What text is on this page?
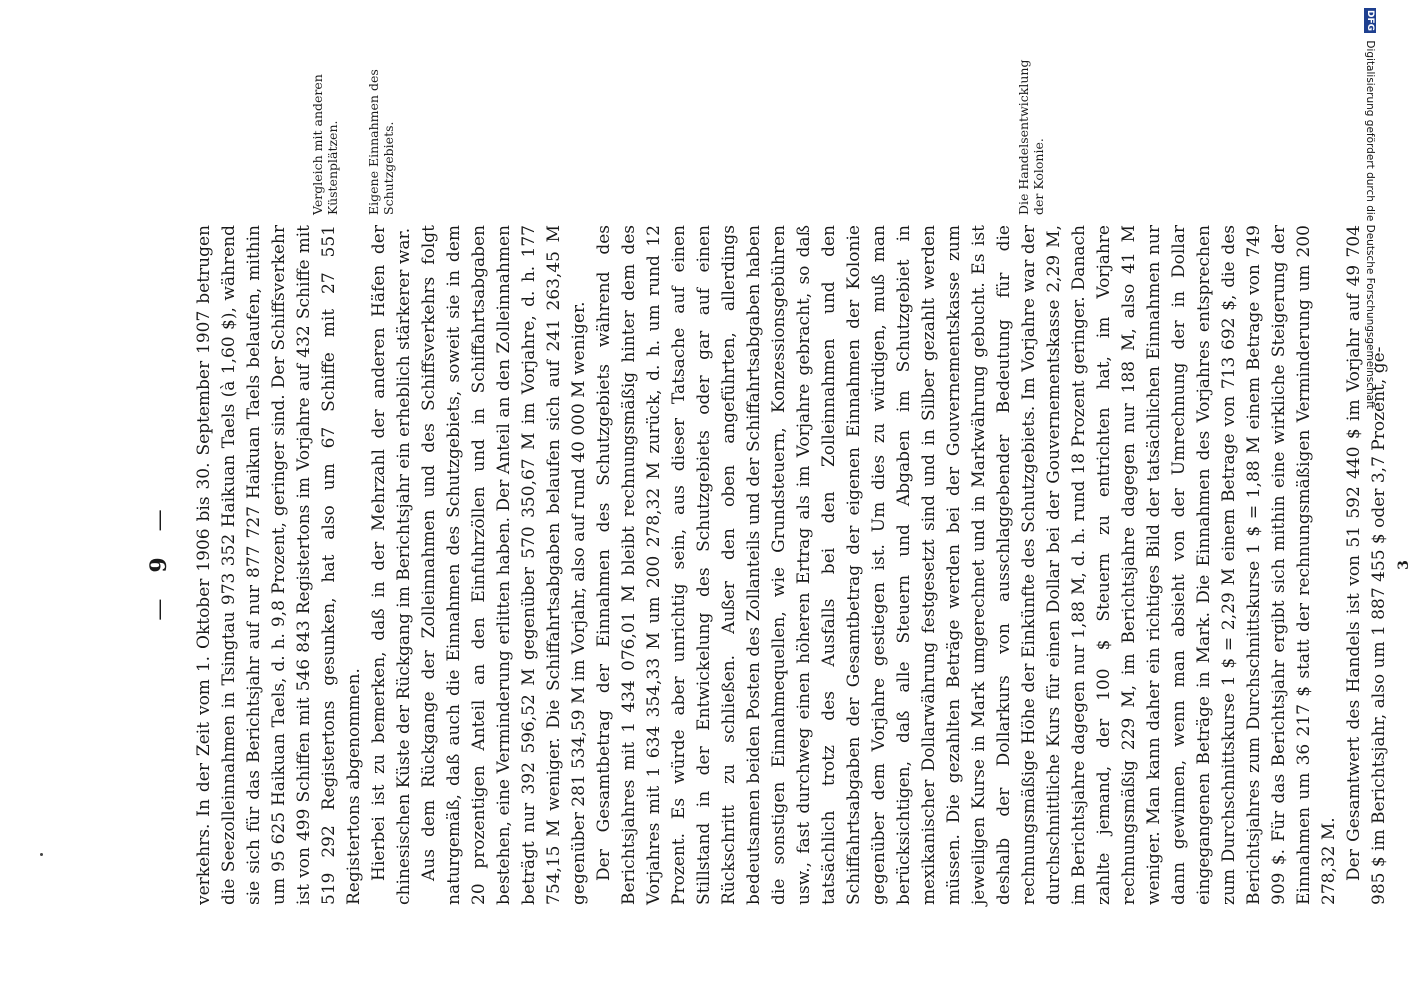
—
9
— verkehrs. In der Zeit vom 1. Oktober 1906 bis 30. September 1907 betrugen die Seezolleinnahmen in Tsingtau 973 352 Haikuan Taels (à 1,60 $), während sie sich für das Berichtsjahr auf nur 877 727 Haikuan Taels belaufen, mithin um 95 625 Haikuan Taels, d. h. 9,8 Prozent, geringer sind. Der Schiffsverkehr ist von 499 Schiffen mit 546 843 Registertons im Vorjahre auf 432 Schiffe mit 519 292 Registertons gesunken, hat also um 67 Schiffe mit 27 551 Registertons abgenommen. Hierbei ist zu bemerken, daß in der Mehrzahl der anderen Häfen der chinesischen Küste der Rückgang im Berichtsjahr ein erheblich stärkerer war. Aus dem Rückgange der Zolleinnahmen und des Schiffsverkehrs folgt naturgemäß, daß auch die Einnahmen des Schutzgebiets, soweit sie in dem 20 prozentigen Anteil an den Einfuhrzöllen und in Schiffahrtsabgaben bestehen, eine Verminderung erlitten haben. Der Anteil an den Zolleinnahmen beträgt nur 392 596,52 M gegenüber 570 350,67 M im Vorjahre, d. h. 177 754,15 M weniger. Die Schiffahrtsabgaben belaufen sich auf 241 263,45 M gegenüber 281 534,59 M im Vorjahr, also auf rund 40 000 M weniger. Der Gesamtbetrag der Einnahmen des Schutzgebiets während des Berichtsjahres mit 1 434 076,01 M bleibt rechnungsmäßig hinter dem des Vorjahres mit 1 634 354,33 M um 200 278,32 M zurück, d. h. um rund 12 Prozent. Es würde aber unrichtig sein, aus dieser Tatsache auf einen Stillstand in der Entwickelung des Schutzgebiets oder gar auf einen Rückschritt zu schließen. Außer den oben angeführten, allerdings bedeutsamen beiden Posten des Zollanteils und der Schiffahrtsabgaben haben die sonstigen Einnahmequellen, wie Grundsteuern, Konzessionsgebühren usw., fast durchweg einen höheren Ertrag als im Vorjahre gebracht, so daß tatsächlich trotz des Ausfalls bei den Zolleinnahmen und den Schiffahrtsabgaben der Gesamtbetrag der eigenen Einnahmen der Kolonie gegenüber dem Vorjahre gestiegen ist. Um dies zu würdigen, muß man berücksichtigen, daß alle Steuern und Abgaben im Schutzgebiet in mexikanischer Dollarwährung festgesetzt sind und in Silber gezahlt werden müssen. Die gezahlten Beträge werden bei der Gouvernementskasse zum jeweiligen Kurse in Mark umgerechnet und in Markwährung gebucht. Es ist deshalb der Dollarkurs von ausschlaggebender Bedeutung für die rechnungsmäßige Höhe der Einkünfte des Schutzgebiets. Im Vorjahre war der durchschnittliche Kurs für einen Dollar bei der Gouvernementskasse 2,29 M, im Berichtsjahre dagegen nur 1,88 M, d. h. rund 18 Prozent geringer. Danach zahlte jemand, der 100 $ Steuern zu entrichten hat, im Vorjahre rechnungsmäßig 229 M, im Berichtsjahre dagegen nur 188 M, also 41 M weniger. Man kann daher ein richtiges Bild der tatsächlichen Einnahmen nur dann gewinnen, wenn man absieht von der Umrechnung der in Dollar eingegangenen Beträge in Mark. Die Einnahmen des Vorjahres entsprechen zum Durchschnittskurse 1 $ = 2,29 M einem Betrage von 713 692 $, die des Berichtsjahres zum Durchschnittskurse 1 $ = 1,88 M einem Betrage von 749 909 $. Für das Berichtsjahr ergibt sich mithin eine wirkliche Steigerung der Einnahmen um 36 217 $ statt der rechnungsmäßigen Verminderung um 200 278,32 M. Der Gesamtwert des Handels ist von 51 592 440 $ im Vorjahr auf 49 704 985 $ im Berichtsjahr, also um 1 887 455 $ oder 3,7 Prozent, ge- 3
Vergleich mit anderen Küstenplätzen. Eigene Einnahmen des Schutzgebiets.	Die Handelsentwicklung der Kolonie.
DFG Digitalisierung gefördert durch die Deutsche Forschungsgemeinschaft
